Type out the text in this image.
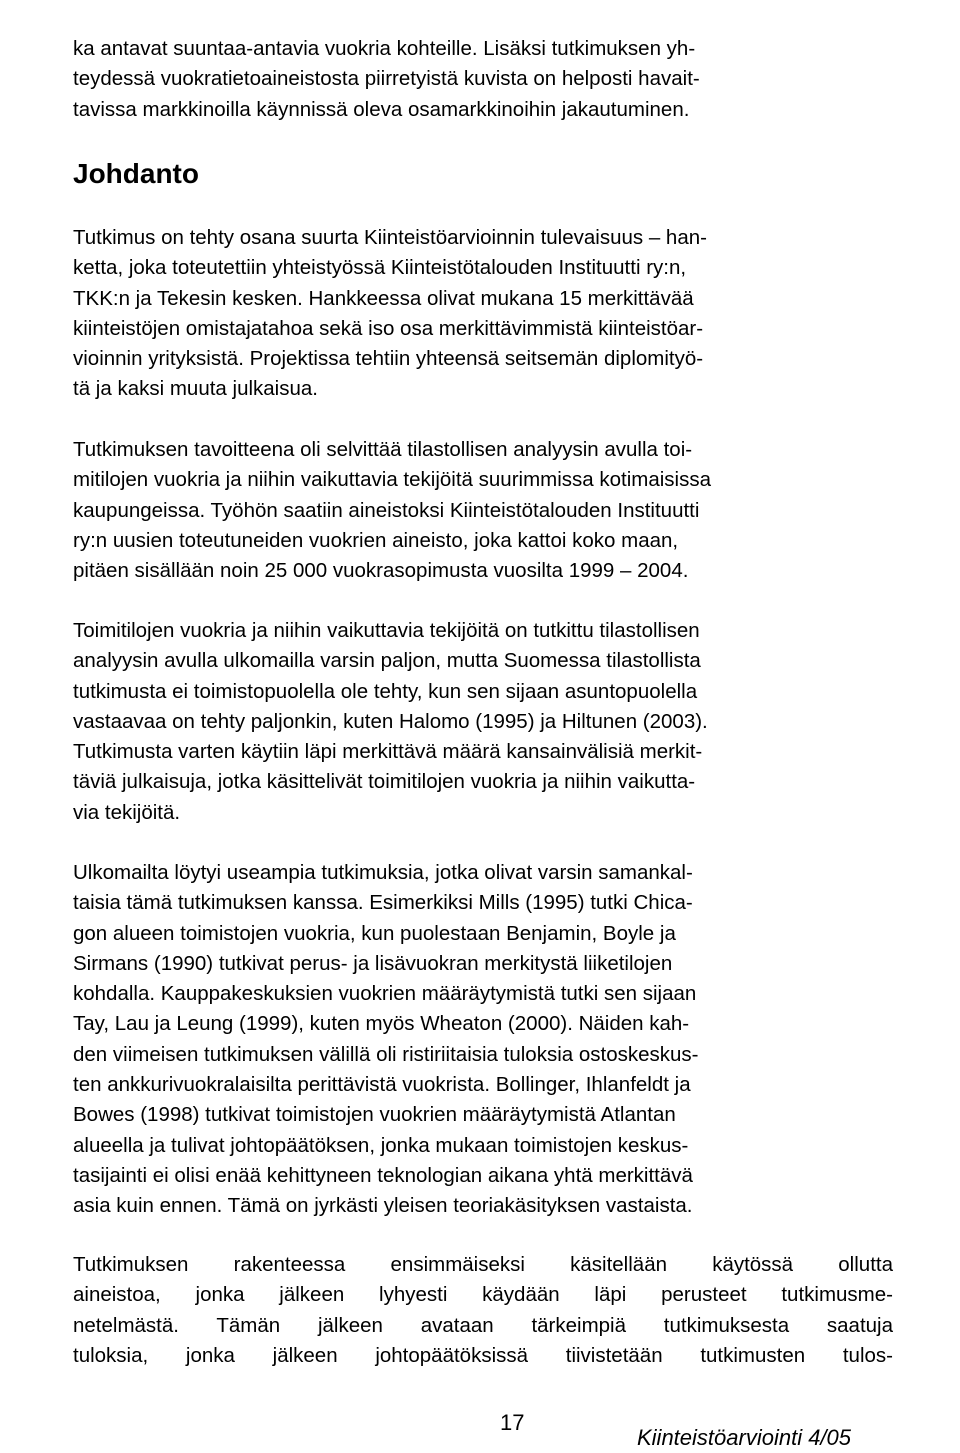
ka antavat suuntaa-antavia vuokria kohteille. Lisäksi tutkimuksen yh-
teydessä vuokratietoaineistosta piirretyistä kuvista on helposti havait-
tavissa markkinoilla käynnissä oleva osamarkkinoihin jakautuminen.

Johdanto

Tutkimus on tehty osana suurta Kiinteistöarvioinnin tulevaisuus – han-
ketta, joka toteutettiin yhteistyössä Kiinteistötalouden Instituutti ry:n,
TKK:n ja Tekesin kesken. Hankkeessa olivat mukana 15 merkittävää
kiinteistöjen omistajatahoa sekä iso osa merkittävimmistä kiinteistöar-
vioinnin yrityksistä. Projektissa tehtiin yhteensä seitsemän diplomityö-
tä ja kaksi muuta julkaisua.

Tutkimuksen tavoitteena oli selvittää tilastollisen analyysin avulla toi-
mitilojen vuokria ja niihin vaikuttavia tekijöitä suurimmissa kotimaisissa
kaupungeissa. Työhön saatiin aineistoksi Kiinteistötalouden Instituutti
ry:n uusien toteutuneiden vuokrien aineisto, joka kattoi koko maan,
pitäen sisällään noin 25 000 vuokrasopimusta vuosilta 1999 – 2004.

Toimitilojen vuokria ja niihin vaikuttavia tekijöitä on tutkittu tilastollisen
analyysin avulla ulkomailla varsin paljon, mutta Suomessa tilastollista
tutkimusta ei toimistopuolella ole tehty, kun sen sijaan asuntopuolella
vastaavaa on tehty paljonkin, kuten Halomo (1995) ja Hiltunen (2003).
Tutkimusta varten käytiin läpi merkittävä määrä kansainvälisiä merkit-
täviä julkaisuja, jotka käsittelivät toimitilojen vuokria ja niihin vaikutta-
via tekijöitä.

Ulkomailta löytyi useampia tutkimuksia, jotka olivat varsin samankal-
taisia tämä tutkimuksen kanssa. Esimerkiksi Mills (1995) tutki Chica-
gon alueen toimistojen vuokria, kun puolestaan Benjamin, Boyle ja
Sirmans (1990) tutkivat perus- ja lisävuokran merkitystä liiketilojen
kohdalla. Kauppakeskuksien vuokrien määräytymistä tutki sen sijaan
Tay, Lau ja Leung (1999), kuten myös Wheaton (2000). Näiden kah-
den viimeisen tutkimuksen välillä oli ristiriitaisia tuloksia ostoskeskus-
ten ankkurivuokralaisilta perittävistä vuokrista. Bollinger, Ihlanfeldt ja
Bowes (1998) tutkivat toimistojen vuokrien määräytymistä Atlantan
alueella ja tulivat johtopäätöksen, jonka mukaan toimistojen keskus-
tasijainti ei olisi enää kehittyneen teknologian aikana yhtä merkittävä
asia kuin ennen. Tämä on jyrkästi yleisen teoriakäsityksen vastaista.

Tutkimuksen rakenteessa ensimmäiseksi käsitellään käytössä ollutta
aineistoa, jonka jälkeen lyhyesti käydään läpi perusteet tutkimusme-
netelmästä. Tämän jälkeen avataan tärkeimpiä tutkimuksesta saatuja
tuloksia, jonka jälkeen johtopäätöksissä tiivistetään tutkimusten tulos-

17
Kiinteistöarviointi 4/05
